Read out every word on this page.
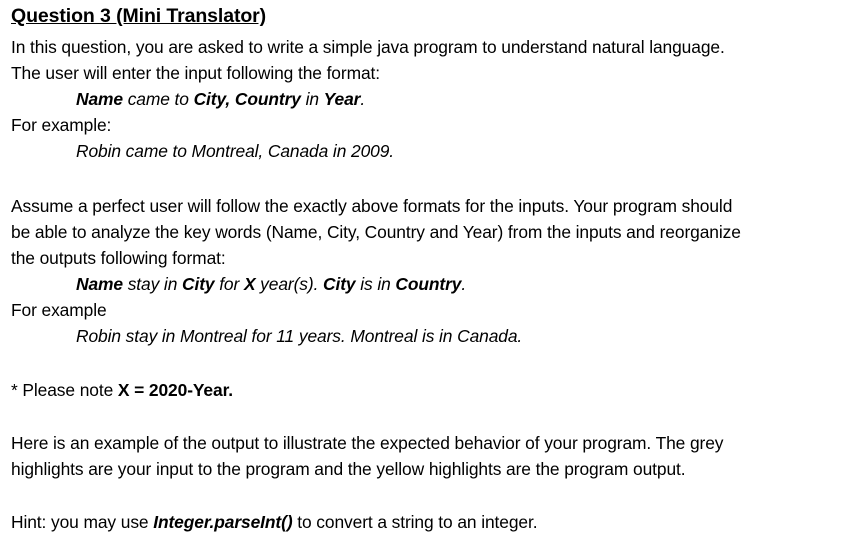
Question 3 (Mini Translator)
In this question, you are asked to write a simple java program to understand natural language.
The user will enter the input following the format:
Name came to City, Country in Year.
For example:
Robin came to Montreal, Canada in 2009.
Assume a perfect user will follow the exactly above formats for the inputs. Your program should
be able to analyze the key words (Name, City, Country and Year) from the inputs and reorganize
the outputs following format:
Name stay in City for X year(s). City is in Country.
For example
Robin stay in Montreal for 11 years. Montreal is in Canada.
* Please note X = 2020-Year.
Here is an example of the output to illustrate the expected behavior of your program. The grey
highlights are your input to the program and the yellow highlights are the program output.
Hint: you may use Integer.parseInt() to convert a string to an integer.
